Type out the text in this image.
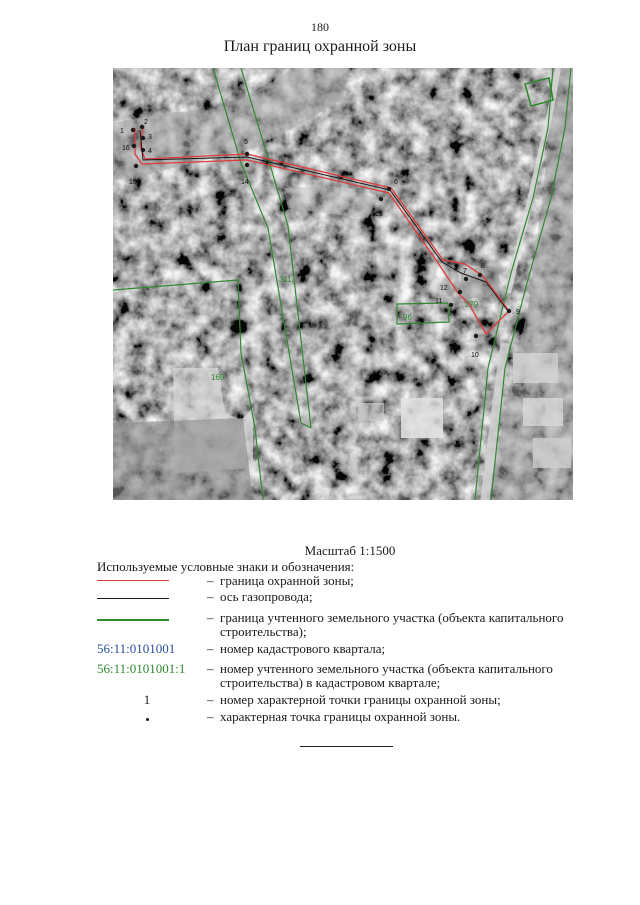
180
План границ охранной зоны
1
2
3
4
5
6
7
8
9
10
11
12
13
14
15
16
311
169
96
279
Масштаб 1:1500
Используемые условные знаки и обозначения:
– граница охранной зоны;
– ось газопровода;
– граница учтенного земельного участка (объекта капитального строительства);
56:11:0101001 – номер кадастрового квартала;
56:11:0101001:1 – номер учтенного земельного участка (объекта капитального строительства) в кадастровом квартале;
1	– номер характерной точки границы охранной зоны;
– характерная точка границы охранной зоны.
